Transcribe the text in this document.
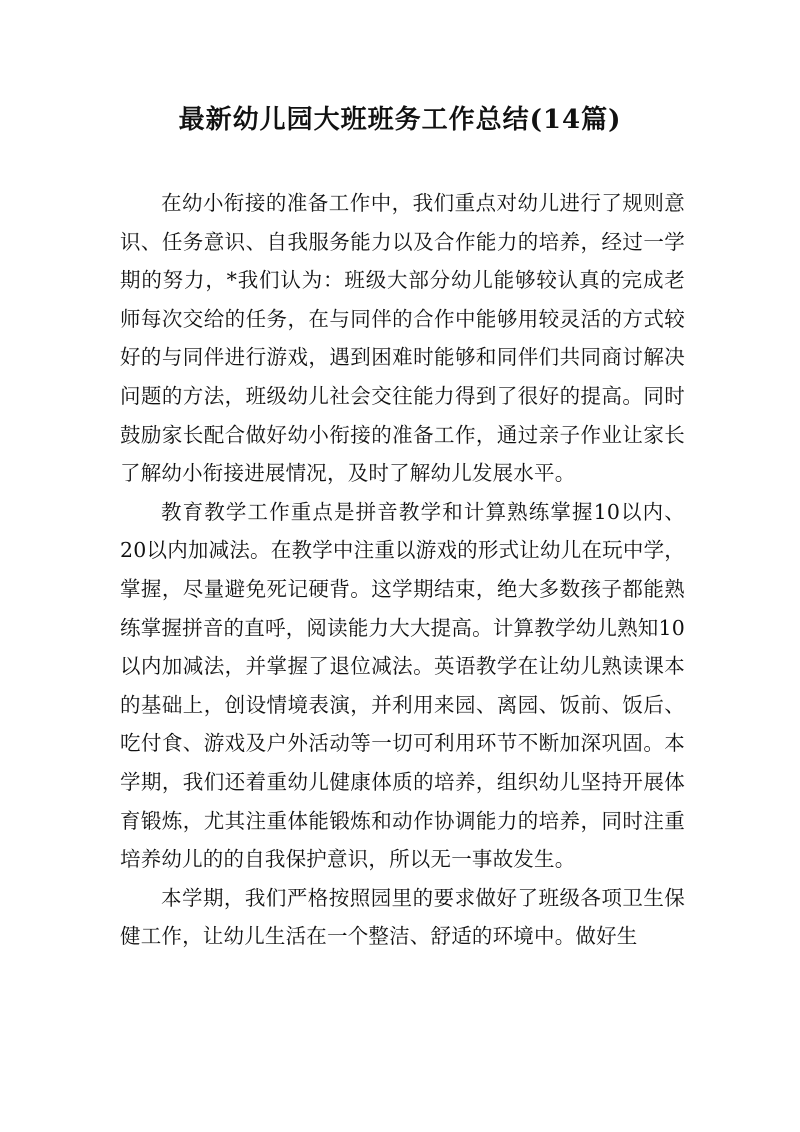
最新幼儿园大班班务工作总结(14篇)

在幼小衔接的准备工作中，我们重点对幼儿进行了规则意识、任务意识、自我服务能力以及合作能力的培养，经过一学期的努力，*我们认为：班级大部分幼儿能够较认真的完成老师每次交给的任务，在与同伴的合作中能够用较灵活的方式较好的与同伴进行游戏，遇到困难时能够和同伴们共同商讨解决问题的方法，班级幼儿社会交往能力得到了很好的提高。同时鼓励家长配合做好幼小衔接的准备工作，通过亲子作业让家长了解幼小衔接进展情况，及时了解幼儿发展水平。

教育教学工作重点是拼音教学和计算熟练掌握10以内、20以内加减法。在教学中注重以游戏的形式让幼儿在玩中学，掌握，尽量避免死记硬背。这学期结束，绝大多数孩子都能熟练掌握拼音的直呼，阅读能力大大提高。计算教学幼儿熟知10以内加减法，并掌握了退位减法。英语教学在让幼儿熟读课本的基础上，创设情境表演，并利用来园、离园、饭前、饭后、吃付食、游戏及户外活动等一切可利用环节不断加深巩固。本学期，我们还着重幼儿健康体质的培养，组织幼儿坚持开展体育锻炼，尤其注重体能锻炼和动作协调能力的培养，同时注重培养幼儿的的自我保护意识，所以无一事故发生。

本学期，我们严格按照园里的要求做好了班级各项卫生保健工作，让幼儿生活在一个整洁、舒适的环境中。做好生
